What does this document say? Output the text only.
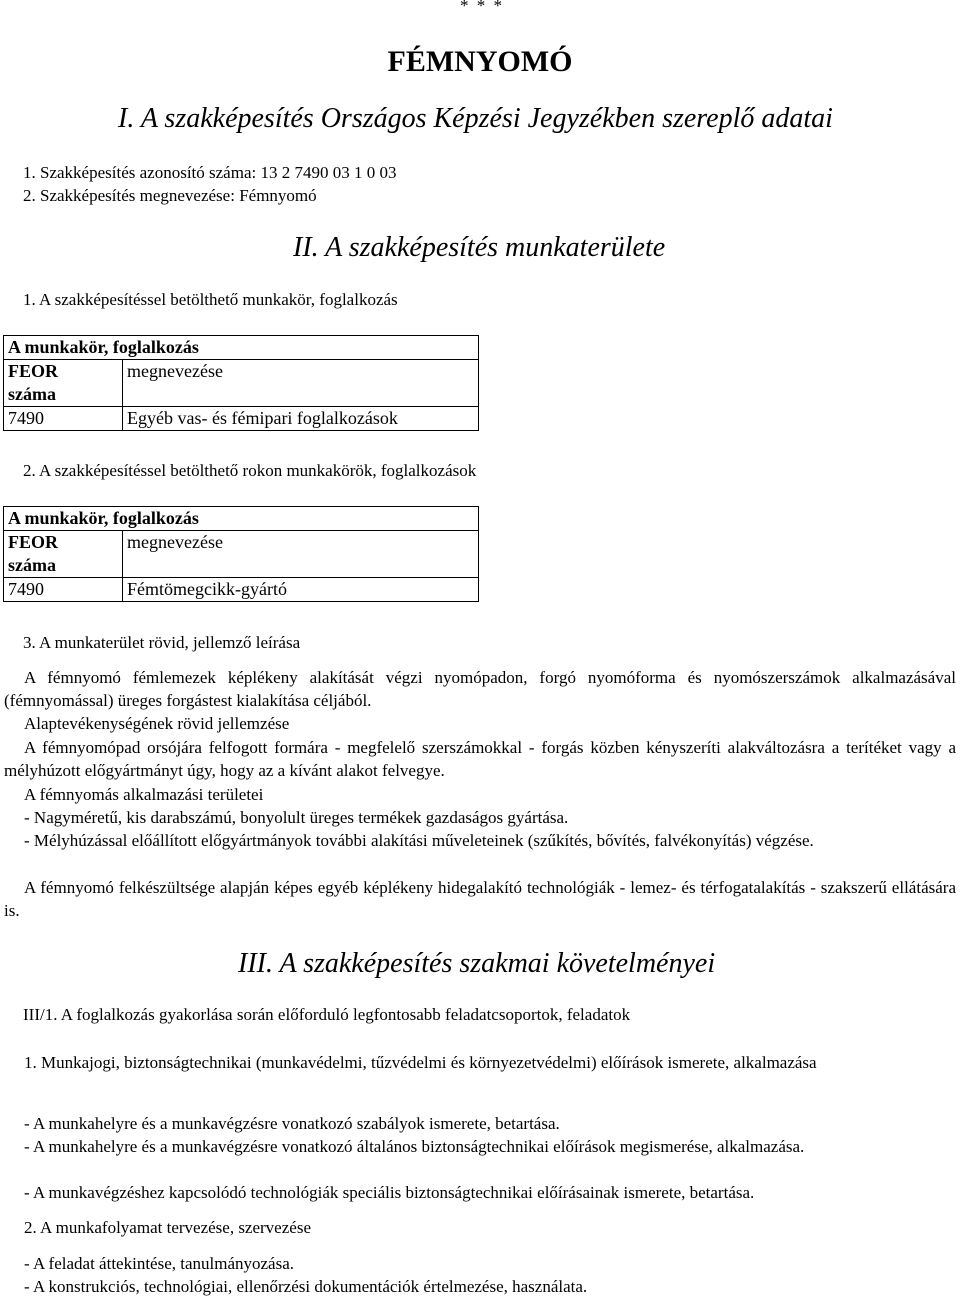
* * *
FÉMNYOMÓ
I. A szakképesítés Országos Képzési Jegyzékben szereplő adatai
1. Szakképesítés azonosító száma: 13 2 7490 03 1 0 03
2. Szakképesítés megnevezése: Fémnyomó
II. A szakképesítés munkaterülete
1. A szakképesítéssel betölthető munkakör, foglalkozás
A munkakör, foglalkozás	

FEOR
száma	megnevezése
7490	Egyéb vas- és fémipari foglalkozások
2. A szakképesítéssel betölthető rokon munkakörök, foglalkozások
A munkakör, foglalkozás	

FEOR
száma	megnevezése
7490	Fémtömegcikk-gyártó
3. A munkaterület rövid, jellemző leírása
A fémnyomó fémlemezek képlékeny alakítását végzi nyomópadon, forgó nyomóforma és nyomószerszámok alkalmazásával (fémnyomással) üreges forgástest kialakítása céljából.
Alaptevékenységének rövid jellemzése
A fémnyomópad orsójára felfogott formára - megfelelő szerszámokkal - forgás közben kényszeríti alakváltozásra a terítéket vagy a mélyhúzott előgyártmányt úgy, hogy az a kívánt alakot felvegye.
A fémnyomás alkalmazási területei
- Nagyméretű, kis darabszámú, bonyolult üreges termékek gazdaságos gyártása.
- Mélyhúzással előállított előgyártmányok további alakítási műveleteinek (szűkítés, bővítés, falvékonyítás) végzése.
A fémnyomó felkészültsége alapján képes egyéb képlékeny hidegalakító technológiák - lemez- és térfogatalakítás - szakszerű ellátására is.
III. A szakképesítés szakmai követelményei
III/1. A foglalkozás gyakorlása során előforduló legfontosabb feladatcsoportok, feladatok
1. Munkajogi, biztonságtechnikai (munkavédelmi, tűzvédelmi és környezetvédelmi) előírások ismerete, alkalmazása
- A munkahelyre és a munkavégzésre vonatkozó szabályok ismerete, betartása.
- A munkahelyre és a munkavégzésre vonatkozó általános biztonságtechnikai előírások megismerése, alkalmazása.
- A munkavégzéshez kapcsolódó technológiák speciális biztonságtechnikai előírásainak ismerete, betartása.
2. A munkafolyamat tervezése, szervezése
- A feladat áttekintése, tanulmányozása.
- A konstrukciós, technológiai, ellenőrzési dokumentációk értelmezése, használata.
